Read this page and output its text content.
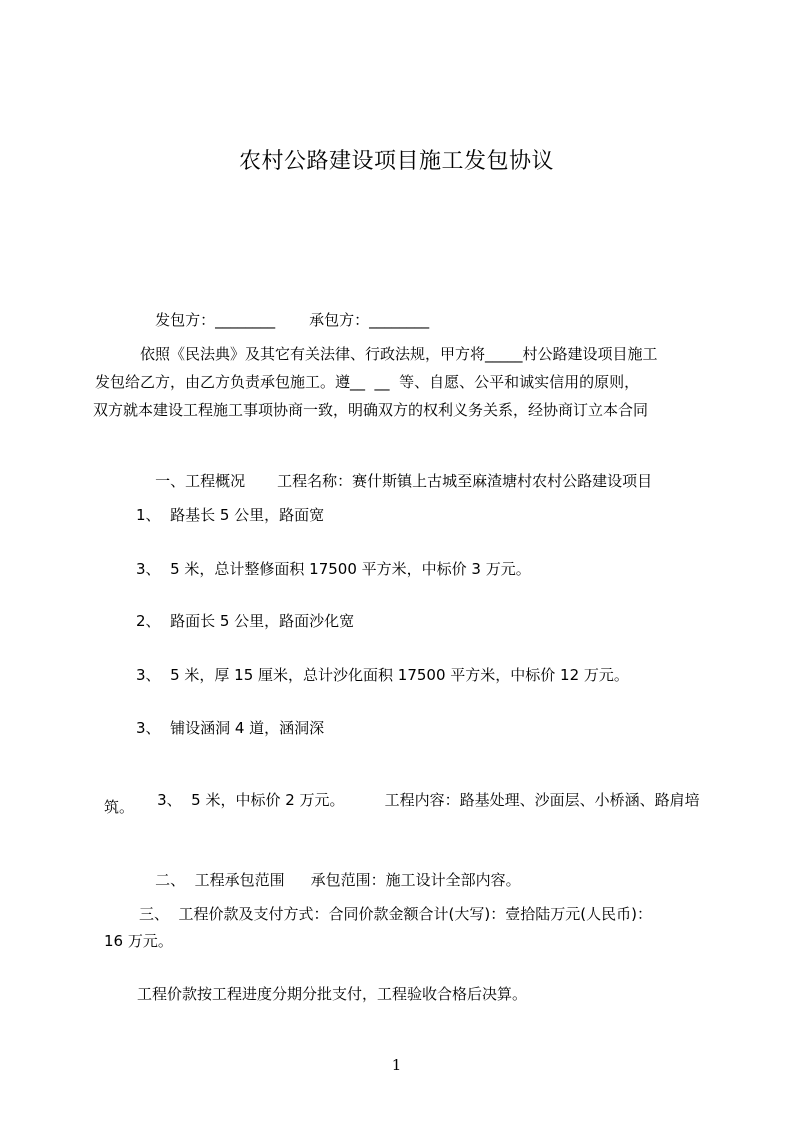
农村公路建设项目施工发包协议

发包方：________ 承包方：________

依照《民法典》及其它有关法律、行政法规，甲方将_____村公路建设项目施工
发包给乙方，由乙方负责承包施工。遵__  __  等、自愿、公平和诚实信用的原则，
双方就本建设工程施工事项协商一致，明确双方的权利义务关系，经协商订立本合同

一、工程概况 工程名称：赛什斯镇上古城至麻渣塘村农村公路建设项目

1、  路基长 5 公里，路面宽
3、  5 米，总计整修面积 17500 平方米，中标价 3 万元。
2、  路面长 5 公里，路面沙化宽
3、  5 米，厚 15 厘米，总计沙化面积 17500 平方米，中标价 12 万元。
3、  铺设涵洞 4 道，涵洞深

3、  5 米，中标价 2 万元。	工程内容：路基处理、沙面层、小桥涵、路肩培

筑。

二、  工程承包范围 承包范围：施工设计全部内容。

三、  工程价款及支付方式：合同价款金额合计(大写)：壹拾陆万元(人民币)：
16 万元。
工程价款按工程进度分期分批支付，工程验收合格后决算。
1
